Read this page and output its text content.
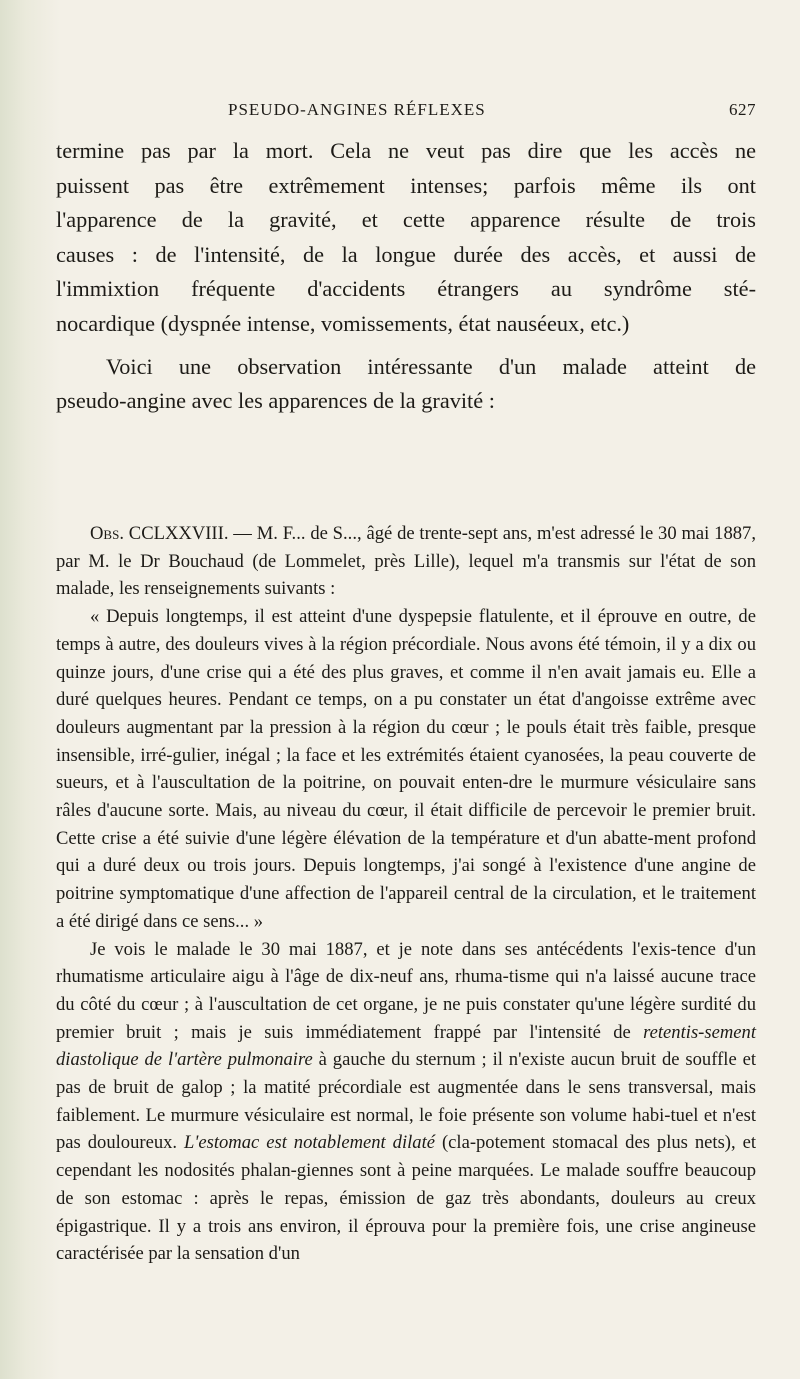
PSEUDO-ANGINES RÉFLEXES	627

termine pas par la mort. Cela ne veut pas dire que les accès ne

puissent pas être extrêmement intenses; parfois même ils ont

l'apparence de la gravité, et cette apparence résulte de trois

causes : de l'intensité, de la longue durée des accès, et aussi de

l'immixtion fréquente d'accidents étrangers au syndrôme sté-

nocardique (dyspnée intense, vomissements, état nauséeux, etc.)

Voici une observation intéressante d'un malade atteint de

pseudo-angine avec les apparences de la gravité :

Obs. CCLXXVIII. — M. F... de S..., âgé de trente-sept ans, m'est adressé le 30 mai 1887, par M. le Dr Bouchaud (de Lommelet, près Lille), lequel m'a transmis sur l'état de son malade, les renseignements suivants :

« Depuis longtemps, il est atteint d'une dyspepsie flatulente, et il éprouve en outre, de temps à autre, des douleurs vives à la région précordiale. Nous avons été témoin, il y a dix ou quinze jours, d'une crise qui a été des plus graves, et comme il n'en avait jamais eu. Elle a duré quelques heures. Pendant ce temps, on a pu constater un état d'angoisse extrême avec douleurs augmentant par la pression à la région du cœur ; le pouls était très faible, presque insensible, irré-gulier, inégal ; la face et les extrémités étaient cyanosées, la peau couverte de sueurs, et à l'auscultation de la poitrine, on pouvait enten-dre le murmure vésiculaire sans râles d'aucune sorte. Mais, au niveau du cœur, il était difficile de percevoir le premier bruit. Cette crise a été suivie d'une légère élévation de la température et d'un abatte-ment profond qui a duré deux ou trois jours. Depuis longtemps, j'ai songé à l'existence d'une angine de poitrine symptomatique d'une affection de l'appareil central de la circulation, et le traitement a été dirigé dans ce sens... »

Je vois le malade le 30 mai 1887, et je note dans ses antécédents l'exis-tence d'un rhumatisme articulaire aigu à l'âge de dix-neuf ans, rhuma-tisme qui n'a laissé aucune trace du côté du cœur ; à l'auscultation de cet organe, je ne puis constater qu'une légère surdité du premier bruit ; mais je suis immédiatement frappé par l'intensité de retentis-sement diastolique de l'artère pulmonaire à gauche du sternum ; il n'existe aucun bruit de souffle et pas de bruit de galop ; la matité précordiale est augmentée dans le sens transversal, mais faiblement. Le murmure vésiculaire est normal, le foie présente son volume habi-tuel et n'est pas douloureux. L'estomac est notablement dilaté (cla-potement stomacal des plus nets), et cependant les nodosités phalan-giennes sont à peine marquées. Le malade souffre beaucoup de son estomac : après le repas, émission de gaz très abondants, douleurs au creux épigastrique. Il y a trois ans environ, il éprouva pour la première fois, une crise angineuse caractérisée par la sensation d'un
